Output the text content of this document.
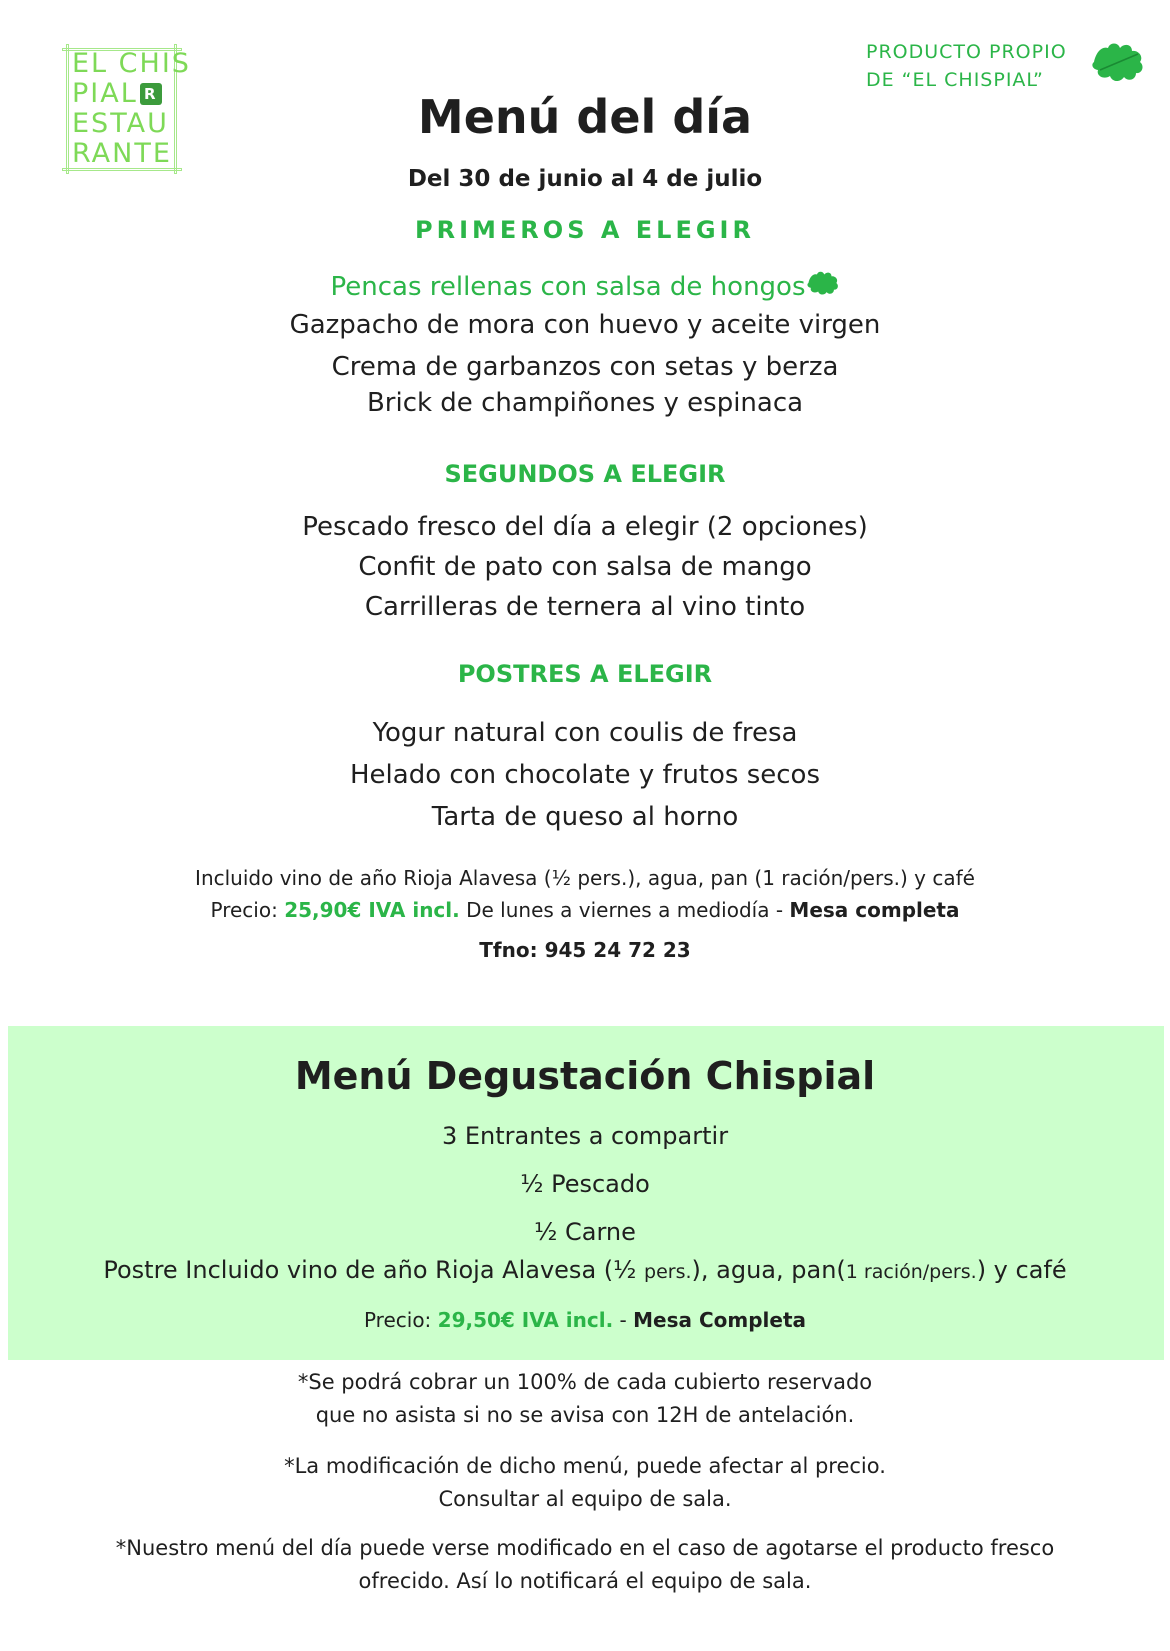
EL CHIS
PIAL R
ESTAU
RANTE
PRODUCTO PROPIO
DE “EL CHISPIAL”
Menú del día
Del 30 de junio al 4 de julio
PRIMEROS A ELEGIR
Pencas rellenas con salsa de hongos
Gazpacho de mora con huevo y aceite virgen
Crema de garbanzos con setas y berza
Brick de champiñones y espinaca
SEGUNDOS A ELEGIR
Pescado fresco del día a elegir (2 opciones)
Confit de pato con salsa de mango
Carrilleras de ternera al vino tinto
POSTRES A ELEGIR
Yogur natural con coulis de fresa
Helado con chocolate y frutos secos
Tarta de queso al horno
Incluido vino de año Rioja Alavesa (½ pers.), agua, pan (1 ración/pers.) y café
Precio: 25,90€ IVA incl. De lunes a viernes a mediodía - Mesa completa
Tfno: 945 24 72 23
Menú Degustación Chispial
3 Entrantes a compartir
½ Pescado
½ Carne
Postre Incluido vino de año Rioja Alavesa (½ pers.), agua, pan(1 ración/pers.) y café
Precio: 29,50€ IVA incl. - Mesa Completa
*Se podrá cobrar un 100% de cada cubierto reservado
que no asista si no se avisa con 12H de antelación.
*La modificación de dicho menú, puede afectar al precio.
Consultar al equipo de sala.
*Nuestro menú del día puede verse modificado en el caso de agotarse el producto fresco
ofrecido. Así lo notificará el equipo de sala.
